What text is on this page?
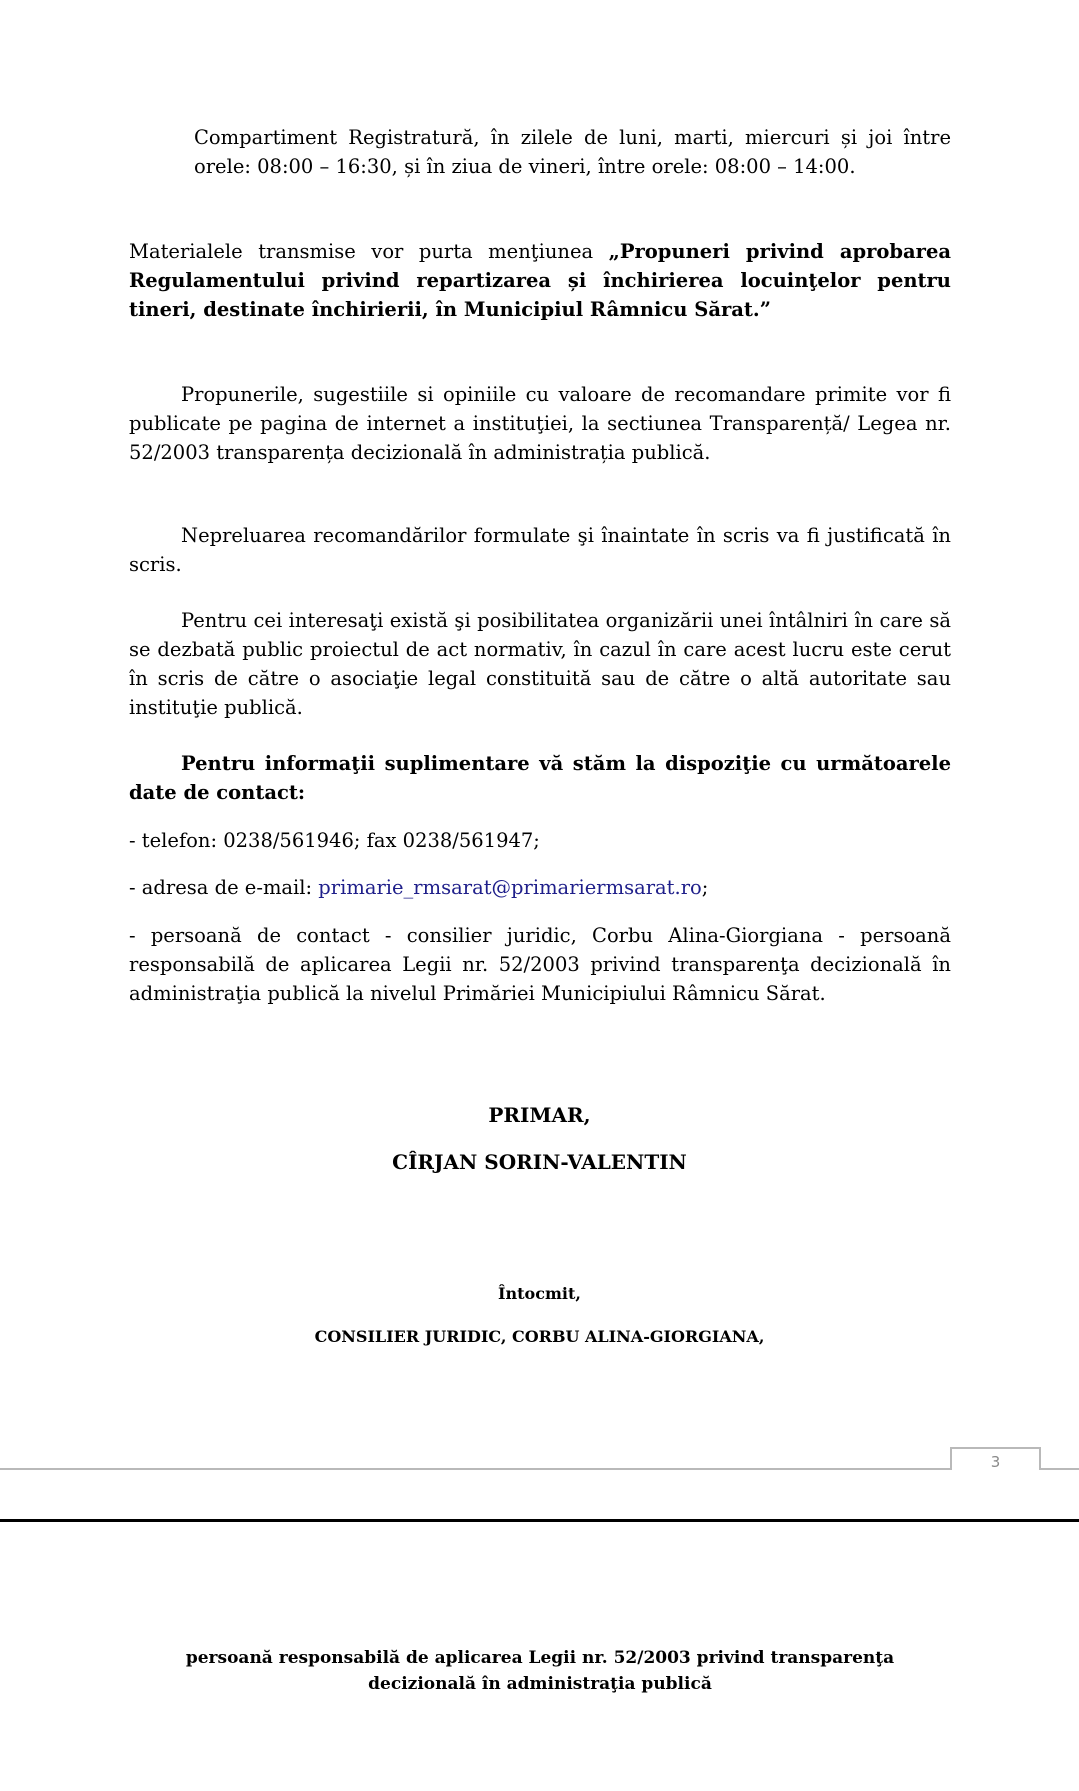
Compartiment Registratură, în zilele de luni, marti, miercuri și joi între orele: 08:00 – 16:30, și în ziua de vineri, între orele: 08:00 – 14:00.

Materialele transmise vor purta menţiunea „Propuneri privind aprobarea Regulamentului privind repartizarea și închirierea locuinţelor pentru tineri, destinate închirierii, în Municipiul Râmnicu Sărat.”

Propunerile, sugestiile si opiniile cu valoare de recomandare primite vor fi publicate pe pagina de internet a instituţiei, la sectiunea Transparență/ Legea nr. 52/2003 transparența decizională în administrația publică.

Nepreluarea recomandărilor formulate şi înaintate în scris va fi justificată în scris.

Pentru cei interesaţi există şi posibilitatea organizării unei întâlniri în care să se dezbată public proiectul de act normativ, în cazul în care acest lucru este cerut în scris de către o asociaţie legal constituită sau de către o altă autoritate sau instituţie publică.

Pentru informaţii suplimentare vă stăm la dispoziţie cu următoarele date de contact:

- telefon: 0238/561946; fax 0238/561947;

- adresa de e-mail: primarie_rmsarat@primariermsarat.ro;

- persoană de contact - consilier juridic, Corbu Alina-Giorgiana - persoană responsabilă de aplicarea Legii nr. 52/2003 privind transparenţa decizională în administraţia publică la nivelul Primăriei Municipiului Râmnicu Sărat.

PRIMAR,
CÎRJAN SORIN-VALENTIN
Întocmit,
CONSILIER JURIDIC, CORBU ALINA-GIORGIANA,
3
persoană responsabilă de aplicarea Legii nr. 52/2003 privind transparenţa
decizională în administraţia publică
